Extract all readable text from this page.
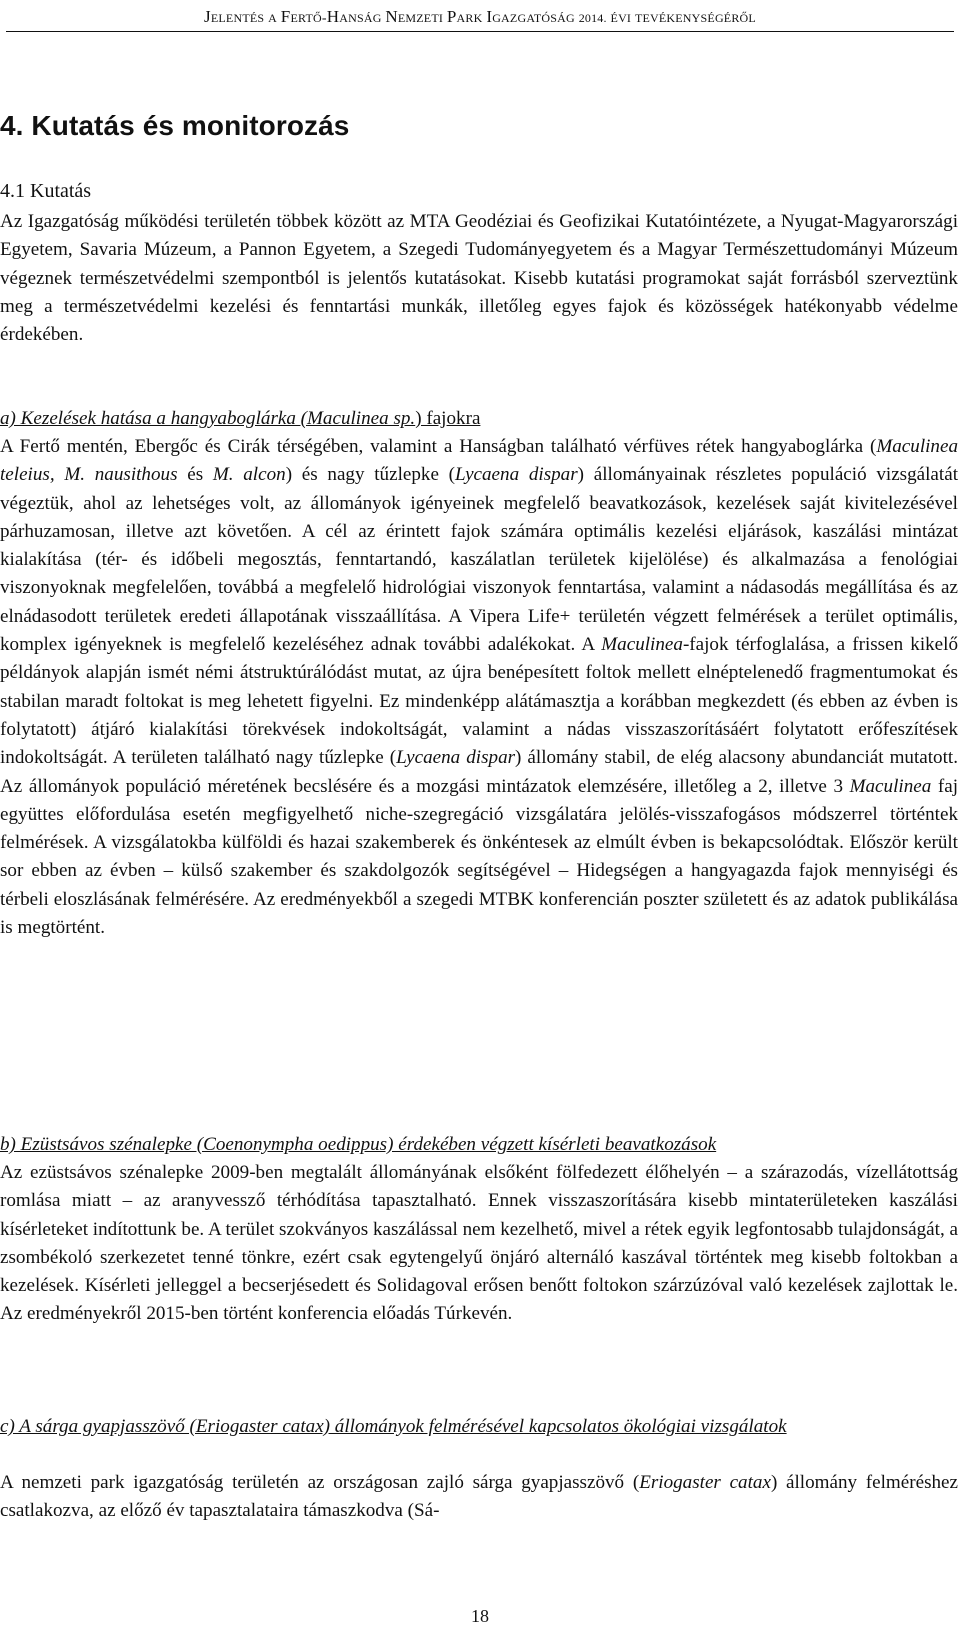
JELENTÉS A FERTŐ-HANSÁG NEMZETI PARK IGAZGATÓSÁG 2014. ÉVI TEVÉKENYSÉGÉRŐL
4. Kutatás és monitorozás
4.1 Kutatás

Az Igazgatóság működési területén többek között az MTA Geodéziai és Geofizikai Kutatóintézete, a Nyugat-Magyarországi Egyetem, Savaria Múzeum, a Pannon Egyetem, a Szegedi Tudományegyetem és a Magyar Természettudományi Múzeum végeznek természetvédelmi szempontból is jelentős kutatásokat. Kisebb kutatási programokat saját forrásból szerveztünk meg a természetvédelmi kezelési és fenntartási munkák, illetőleg egyes fajok és közösségek hatékonyabb védelme érdekében.

a) Kezelések hatása a hangyaboglárka (Maculinea sp.) fajokra

A Fertő mentén, Ebergőc és Cirák térségében, valamint a Hanságban található vérfüves rétek hangyaboglárka (Maculinea teleius, M. nausithous és M. alcon) és nagy tűzlepke (Lycaena dispar) állományainak részletes populáció vizsgálatát végeztük, ahol az lehetséges volt, az állományok igényeinek megfelelő beavatkozások, kezelések saját kivitelezésével párhuzamosan, illetve azt követően. A cél az érintett fajok számára optimális kezelési eljárások, kaszálási mintázat kialakítása (tér- és időbeli megosztás, fenntartandó, kaszálatlan területek kijelölése) és alkalmazása a fenológiai viszonyoknak megfelelően, továbbá a megfelelő hidrológiai viszonyok fenntartása, valamint a nádasodás megállítása és az elnádasodott területek eredeti állapotának visszaállítása. A Vipera Life+ területén végzett felmérések a terület optimális, komplex igényeknek is megfelelő kezeléséhez adnak további adalékokat. A Maculinea-fajok térfoglalása, a frissen kikelő példányok alapján ismét némi átstruktúrálódást mutat, az újra benépesített foltok mellett elnéptelenedő fragmentumokat és stabilan maradt foltokat is meg lehetett figyelni. Ez mindenképp alátámasztja a korábban megkezdett (és ebben az évben is folytatott) átjáró kialakítási törekvések indokoltságát, valamint a nádas visszaszorításáért folytatott erőfeszítések indokoltságát. A területen található nagy tűzlepke (Lycaena dispar) állomány stabil, de elég alacsony abundanciát mutatott. Az állományok populáció méretének becslésére és a mozgási mintázatok elemzésére, illetőleg a 2, illetve 3 Maculinea faj együttes előfordulása esetén megfigyelhető niche-szegregáció vizsgálatára jelölés-visszafogásos módszerrel történtek felmérések. A vizsgálatokba külföldi és hazai szakemberek és önkéntesek az elmúlt évben is bekapcsolódtak. Először került sor ebben az évben – külső szakember és szakdolgozók segítségével – Hidegségen a hangyagazda fajok mennyiségi és térbeli eloszlásának felmérésére. Az eredményekből a szegedi MTBK konferencián poszter született és az adatok publikálása is megtörtént.

b) Ezüstsávos szénalepke (Coenonympha oedippus) érdekében végzett kísérleti beavatkozások

Az ezüstsávos szénalepke 2009-ben megtalált állományának elsőként fölfedezett élőhelyén – a szárazodás, vízellátottság romlása miatt – az aranyvessző térhódítása tapasztalható. Ennek visszaszorítására kisebb mintaterületeken kaszálási kísérleteket indítottunk be. A terület szokványos kaszálással nem kezelhető, mivel a rétek egyik legfontosabb tulajdonságát, a zsombékoló szerkezetet tenné tönkre, ezért csak egytengelyű önjáró alternáló kaszával történtek meg kisebb foltokban a kezelések. Kísérleti jelleggel a becserjésedett és Solidagoval erősen benőtt foltokon szárzúzóval való kezelések zajlottak le. Az eredményekről 2015-ben történt konferencia előadás Túrkevén.

c) A sárga gyapjasszövő (Eriogaster catax) állományok felmérésével kapcsolatos ökológiai vizsgálatok

A nemzeti park igazgatóság területén az országosan zajló sárga gyapjasszövő (Eriogaster catax) állomány felméréshez csatlakozva, az előző év tapasztalataira támaszkodva (Sá-

18
